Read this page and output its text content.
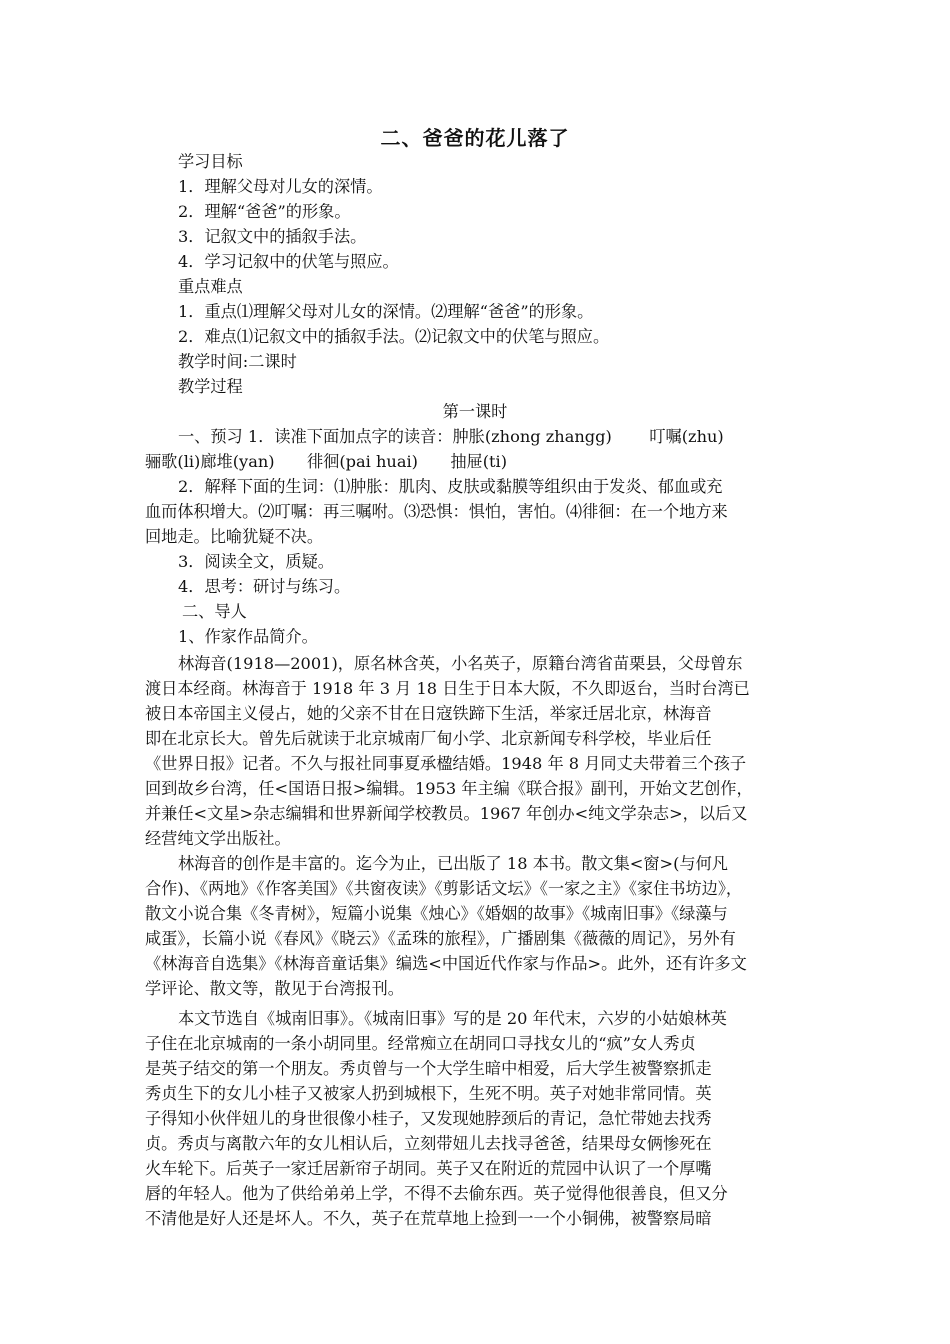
二、爸爸的花儿落了
学习目标
1．理解父母对儿女的深情。
2．理解“爸爸”的形象。
3．记叙文中的插叙手法。
4．学习记叙中的伏笔与照应。
重点难点
1．重点⑴理解父母对儿女的深情。⑵理解“爸爸”的形象。
2．难点⑴记叙文中的插叙手法。⑵记叙文中的伏笔与照应。
教学时间:二课时
教学过程
第一课时
一、预习 1．读准下面加点字的读音：肿胀(zhong zhangg)　　 叮嘱(zhu)
骊歌(li)廊堆(yan)　　徘徊(pai huai)　　抽屉(ti)
2．解释下面的生词：⑴肿胀：肌肉、皮肤或黏膜等组织由于发炎、郁血或充
血而体积增大。⑵叮嘱：再三嘱咐。⑶恐惧：惧怕，害怕。⑷徘徊：在一个地方来
回地走。比喻犹疑不决。
3．阅读全文，质疑。
4．思考：研讨与练习。
二、导人
1、作家作品简介。
林海音(1918—2001)，原名林含英，小名英子，原籍台湾省苗栗县，父母曾东
渡日本经商。林海音于 1918 年 3 月 18 日生于日本大阪，不久即返台，当时台湾已
被日本帝国主义侵占，她的父亲不甘在日寇铁蹄下生活，举家迁居北京，林海音
即在北京长大。曾先后就读于北京城南厂甸小学、北京新闻专科学校，毕业后任
《世界日报》记者。不久与报社同事夏承楹结婚。1948 年 8 月同丈夫带着三个孩子
回到故乡台湾，任<国语日报>编辑。1953 年主编《联合报》副刊，开始文艺创作，
并兼任<文星>杂志编辑和世界新闻学校教员。1967 年创办<纯文学杂志>，以后又
经营纯文学出版社。
林海音的创作是丰富的。迄今为止，已出版了 18 本书。散文集<窗>(与何凡
合作)、《两地》《作客美国》《共窗夜读》《剪影话文坛》《一家之主》《家住书坊边》，
散文小说合集《冬青树》，短篇小说集《烛心》《婚姻的故事》《城南旧事》《绿藻与
咸蛋》，长篇小说《春风》《晓云》《孟珠的旅程》，广播剧集《薇薇的周记》，另外有
《林海音自选集》《林海音童话集》编选<中国近代作家与作品>。此外，还有许多文
学评论、散文等，散见于台湾报刊。
本文节选自《城南旧事》。《城南旧事》写的是 20 年代末，六岁的小姑娘林英
子住在北京城南的一条小胡同里。经常痴立在胡同口寻找女儿的“疯”女人秀贞
是英子结交的第一个朋友。秀贞曾与一个大学生暗中相爱，后大学生被警察抓走
秀贞生下的女儿小桂子又被家人扔到城根下，生死不明。英子对她非常同情。英
子得知小伙伴妞儿的身世很像小桂子，又发现她脖颈后的青记，急忙带她去找秀
贞。秀贞与离散六年的女儿相认后，立刻带妞儿去找寻爸爸，结果母女俩惨死在
火车轮下。后英子一家迁居新帘子胡同。英子又在附近的荒园中认识了一个厚嘴
唇的年轻人。他为了供给弟弟上学，不得不去偷东西。英子觉得他很善良，但又分
不清他是好人还是坏人。不久，英子在荒草地上捡到一一个小铜佛，被警察局暗
